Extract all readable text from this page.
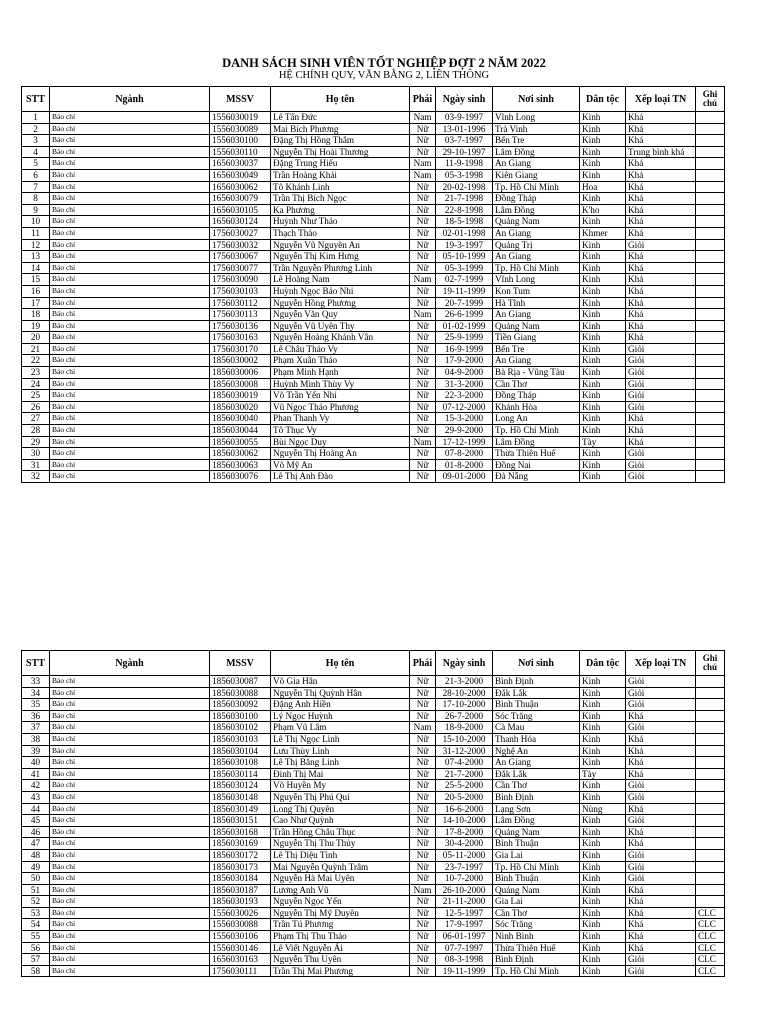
DANH SÁCH SINH VIÊN TỐT NGHIỆP ĐỢT 2 NĂM 2022
HỆ CHÍNH QUY, VĂN BẰNG 2, LIÊN THÔNG
STT	Ngành	MSSV	Họ tên	Phái	Ngày sinh	Nơi sinh	Dân tộc	Xếp loại TN	Ghi chú
1	Báo chí	1556030019	Lê Tấn Đức	Nam	03-9-1997	Vĩnh Long	Kinh	Khá	
2	Báo chí	1556030089	Mai Bích Phương	Nữ	13-01-1996	Trà Vinh	Kinh	Khá	
3	Báo chí	1556030100	Đặng Thị Hồng Thắm	Nữ	03-7-1997	Bến Tre	Kinh	Khá	
4	Báo chí	1556030110	Nguyễn Thị Hoài Thương	Nữ	29-10-1997	Lâm Đồng	Kinh	Trung bình khá	
5	Báo chí	1656030037	Đặng Trung Hiếu	Nam	11-9-1998	An Giang	Kinh	Khá	
6	Báo chí	1656030049	Trần Hoàng Khải	Nam	05-3-1998	Kiên Giang	Kinh	Khá	
7	Báo chí	1656030062	Tô Khánh Linh	Nữ	20-02-1998	Tp. Hồ Chí Minh	Hoa	Khá	
8	Báo chí	1656030079	Trần Thị Bích Ngọc	Nữ	21-7-1998	Đồng Tháp	Kinh	Khá	
9	Báo chí	1656030105	Ka Phương	Nữ	22-8-1998	Lâm Đồng	K'ho	Khá	
10	Báo chí	1656030124	Huỳnh Như Thảo	Nữ	18-5-1998	Quảng Nam	Kinh	Khá	
11	Báo chí	1756030027	Thạch Thảo	Nữ	02-01-1998	An Giang	Khmer	Khá	
12	Báo chí	1756030032	Nguyễn Vũ Nguyên An	Nữ	19-3-1997	Quảng Trị	Kinh	Giỏi	
13	Báo chí	1756030067	Nguyễn Thị Kim Hưng	Nữ	05-10-1999	An Giang	Kinh	Khá	
14	Báo chí	1756030077	Trần Nguyễn Phương Linh	Nữ	05-3-1999	Tp. Hồ Chí Minh	Kinh	Khá	
15	Báo chí	1756030090	Lê Hoàng Nam	Nam	02-7-1999	Vĩnh Long	Kinh	Khá	
16	Báo chí	1756030103	Huỳnh Ngọc Bảo Nhi	Nữ	19-11-1999	Kon Tum	Kinh	Khá	
17	Báo chí	1756030112	Nguyễn Hồng Phương	Nữ	20-7-1999	Hà Tĩnh	Kinh	Khá	
18	Báo chí	1756030113	Nguyễn Văn Quy	Nam	26-6-1999	An Giang	Kinh	Khá	
19	Báo chí	1756030136	Nguyễn Vũ Uyên Thy	Nữ	01-02-1999	Quảng Nam	Kinh	Khá	
20	Báo chí	1756030163	Nguyễn Hoàng Khánh Vân	Nữ	25-9-1999	Tiền Giang	Kinh	Khá	
21	Báo chí	1756030170	Lê Châu Thảo Vy	Nữ	16-9-1999	Bến Tre	Kinh	Giỏi	
22	Báo chí	1856030002	Phạm Xuân Thảo	Nữ	17-9-2000	An Giang	Kinh	Giỏi	
23	Báo chí	1856030006	Phạm Minh Hạnh	Nữ	04-9-2000	Bà Rịa - Vũng Tàu	Kinh	Giỏi	
24	Báo chí	1856030008	Huỳnh Minh Thùy Vy	Nữ	31-3-2000	Cần Thơ	Kinh	Giỏi	
25	Báo chí	1856030019	Võ Trần Yến Nhi	Nữ	22-3-2000	Đồng Tháp	Kinh	Giỏi	
26	Báo chí	1856030020	Vũ Ngọc Thảo Phương	Nữ	07-12-2000	Khánh Hòa	Kinh	Giỏi	
27	Báo chí	1856030040	Phan Thanh Vy	Nữ	15-3-2000	Long An	Kinh	Khá	
28	Báo chí	1856030044	Tô Thục Vy	Nữ	29-9-2000	Tp. Hồ Chí Minh	Kinh	Khá	
29	Báo chí	1856030055	Bùi Ngọc Duy	Nam	17-12-1999	Lâm Đồng	Tày	Khá	
30	Báo chí	1856030062	Nguyễn Thị Hoàng An	Nữ	07-8-2000	Thừa Thiên Huế	Kinh	Giỏi	
31	Báo chí	1856030063	Võ Mỹ An	Nữ	01-8-2000	Đồng Nai	Kinh	Giỏi	
32	Báo chí	1856030076	Lê Thị Anh Đào	Nữ	09-01-2000	Đà Nẵng	Kinh	Giỏi	
STT	Ngành	MSSV	Họ tên	Phái	Ngày sinh	Nơi sinh	Dân tộc	Xếp loại TN	Ghi chú
33	Báo chí	1856030087	Võ Gia Hân	Nữ	21-3-2000	Bình Định	Kinh	Giỏi	
34	Báo chí	1856030088	Nguyễn Thị Quỳnh Hân	Nữ	28-10-2000	Đắk Lắk	Kinh	Giỏi	
35	Báo chí	1856030092	Đặng Anh Hiền	Nữ	17-10-2000	Bình Thuận	Kinh	Giỏi	
36	Báo chí	1856030100	Lý Ngọc Huỳnh	Nữ	26-7-2000	Sóc Trăng	Kinh	Khá	
37	Báo chí	1856030102	Phạm Vũ Lâm	Nam	18-9-2000	Cà Mau	Kinh	Giỏi	
38	Báo chí	1856030103	Lê Thị Ngọc Linh	Nữ	15-10-2000	Thanh Hóa	Kinh	Khá	
39	Báo chí	1856030104	Lưu Thùy Linh	Nữ	31-12-2000	Nghệ An	Kinh	Khá	
40	Báo chí	1856030108	Lê Thị Băng Linh	Nữ	07-4-2000	An Giang	Kinh	Khá	
41	Báo chí	1856030114	Đinh Thị Mai	Nữ	21-7-2000	Đắk Lắk	Tày	Khá	
42	Báo chí	1856030124	Võ Huyền My	Nữ	25-5-2000	Cần Thơ	Kinh	Giỏi	
43	Báo chí	1856030148	Nguyễn Thị Phú Quí	Nữ	20-5-2000	Bình Định	Kinh	Giỏi	
44	Báo chí	1856030149	Long Thị Quyên	Nữ	16-6-2000	Lạng Sơn	Nùng	Khá	
45	Báo chí	1856030151	Cao Như Quỳnh	Nữ	14-10-2000	Lâm Đồng	Kinh	Giỏi	
46	Báo chí	1856030168	Trần Hồng Châu Thục	Nữ	17-8-2000	Quảng Nam	Kinh	Khá	
47	Báo chí	1856030169	Nguyễn Thị Thu Thủy	Nữ	30-4-2000	Bình Thuận	Kinh	Khá	
48	Báo chí	1856030172	Lê Thị Diệu Tình	Nữ	05-11-2000	Gia Lai	Kinh	Giỏi	
49	Báo chí	1856030173	Mai Nguyễn Quỳnh Trâm	Nữ	23-7-1997	Tp. Hồ Chí Minh	Kinh	Giỏi	
50	Báo chí	1856030184	Nguyễn Hà Mai Uyên	Nữ	10-7-2000	Bình Thuận	Kinh	Giỏi	
51	Báo chí	1856030187	Lương Anh Vũ	Nam	26-10-2000	Quảng Nam	Kinh	Khá	
52	Báo chí	1856030193	Nguyễn Ngọc Yến	Nữ	21-11-2000	Gia Lai	Kinh	Khá	
53	Báo chí	1556030026	Nguyễn Thị Mỹ Duyên	Nữ	12-5-1997	Cần Thơ	Kinh	Khá	CLC
54	Báo chí	1556030088	Trần Tú Phương	Nữ	17-9-1997	Sóc Trăng	Kinh	Khá	CLC
55	Báo chí	1556030106	Phạm Thị Thu Thảo	Nữ	06-01-1997	Ninh Bình	Kinh	Khá	CLC
56	Báo chí	1556030146	Lê Viết Nguyễn Ái	Nữ	07-7-1997	Thừa Thiên Huế	Kinh	Khá	CLC
57	Báo chí	1656030163	Nguyễn Thu Uyên	Nữ	08-3-1998	Bình Định	Kinh	Giỏi	CLC
58	Báo chí	1756030111	Trần Thị Mai Phương	Nữ	19-11-1999	Tp. Hồ Chí Minh	Kinh	Giỏi	CLC
